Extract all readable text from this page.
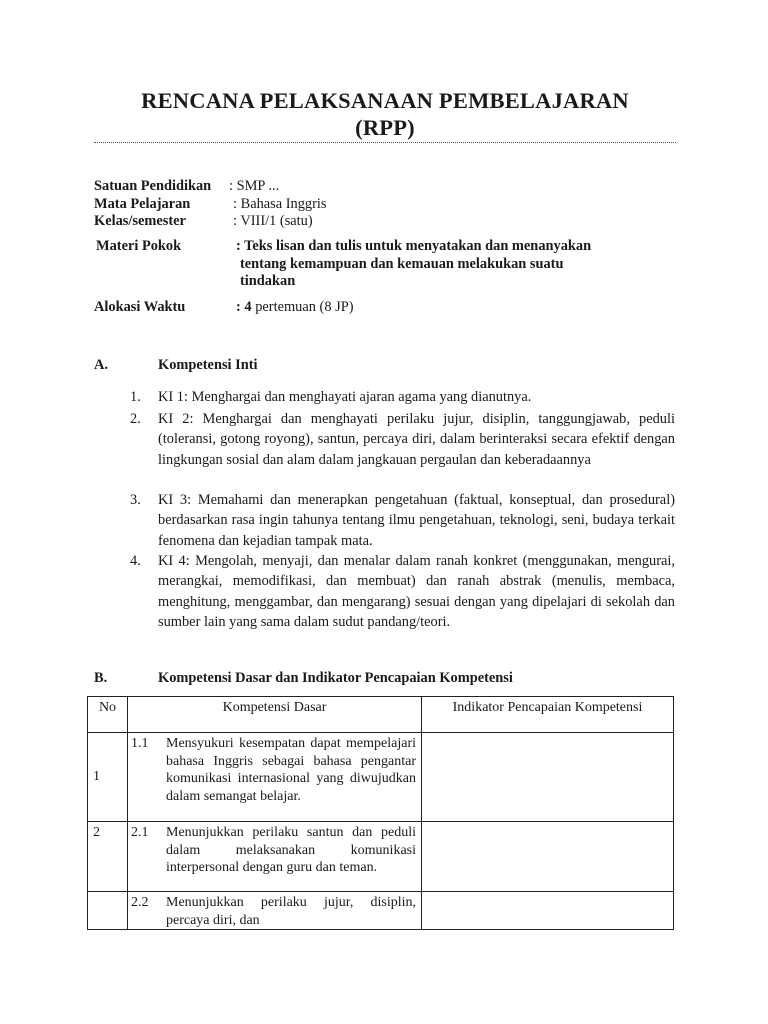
RENCANA PELAKSANAAN PEMBELAJARAN
(RPP)
Satuan Pendidikan : SMP ...
Mata Pelajaran	: Bahasa Inggris
Kelas/semester	: VIII/1 (satu)
Materi Pokok	: Teks lisan dan tulis untuk menyatakan dan menanyakan
tentang kemampuan dan kemauan melakukan suatu
tindakan
Alokasi Waktu	: 4 pertemuan (8 JP)
A.	Kompetensi Inti
1. KI 1: Menghargai dan menghayati ajaran agama yang dianutnya.
2. KI 2: Menghargai dan menghayati perilaku jujur, disiplin, tanggungjawab, peduli (toleransi, gotong royong), santun, percaya diri, dalam berinteraksi secara efektif dengan lingkungan sosial dan alam dalam jangkauan pergaulan dan keberadaannya
3. KI 3: Memahami dan menerapkan pengetahuan (faktual, konseptual, dan prosedural) berdasarkan rasa ingin tahunya tentang ilmu pengetahuan, teknologi, seni, budaya terkait fenomena dan kejadian tampak mata.
4. KI 4: Mengolah, menyaji, dan menalar dalam ranah konkret (menggunakan, mengurai, merangkai, memodifikasi, dan membuat) dan ranah abstrak (menulis, membaca, menghitung, menggambar, dan mengarang) sesuai dengan yang dipelajari di sekolah dan sumber lain yang sama dalam sudut pandang/teori.
B.	Kompetensi Dasar dan Indikator Pencapaian Kompetensi
No	Kompetensi Dasar	Indikator Pencapaian Kompetensi
1	1.1 Mensyukuri kesempatan dapat mempelajari bahasa Inggris sebagai bahasa pengantar komunikasi internasional yang diwujudkan dalam semangat belajar.	

2	2.1 Menunjukkan perilaku santun dan peduli dalam melaksanakan komunikasi interpersonal dengan guru dan teman.	

	2.2 Menunjukkan perilaku jujur, disiplin, percaya diri, dan	
